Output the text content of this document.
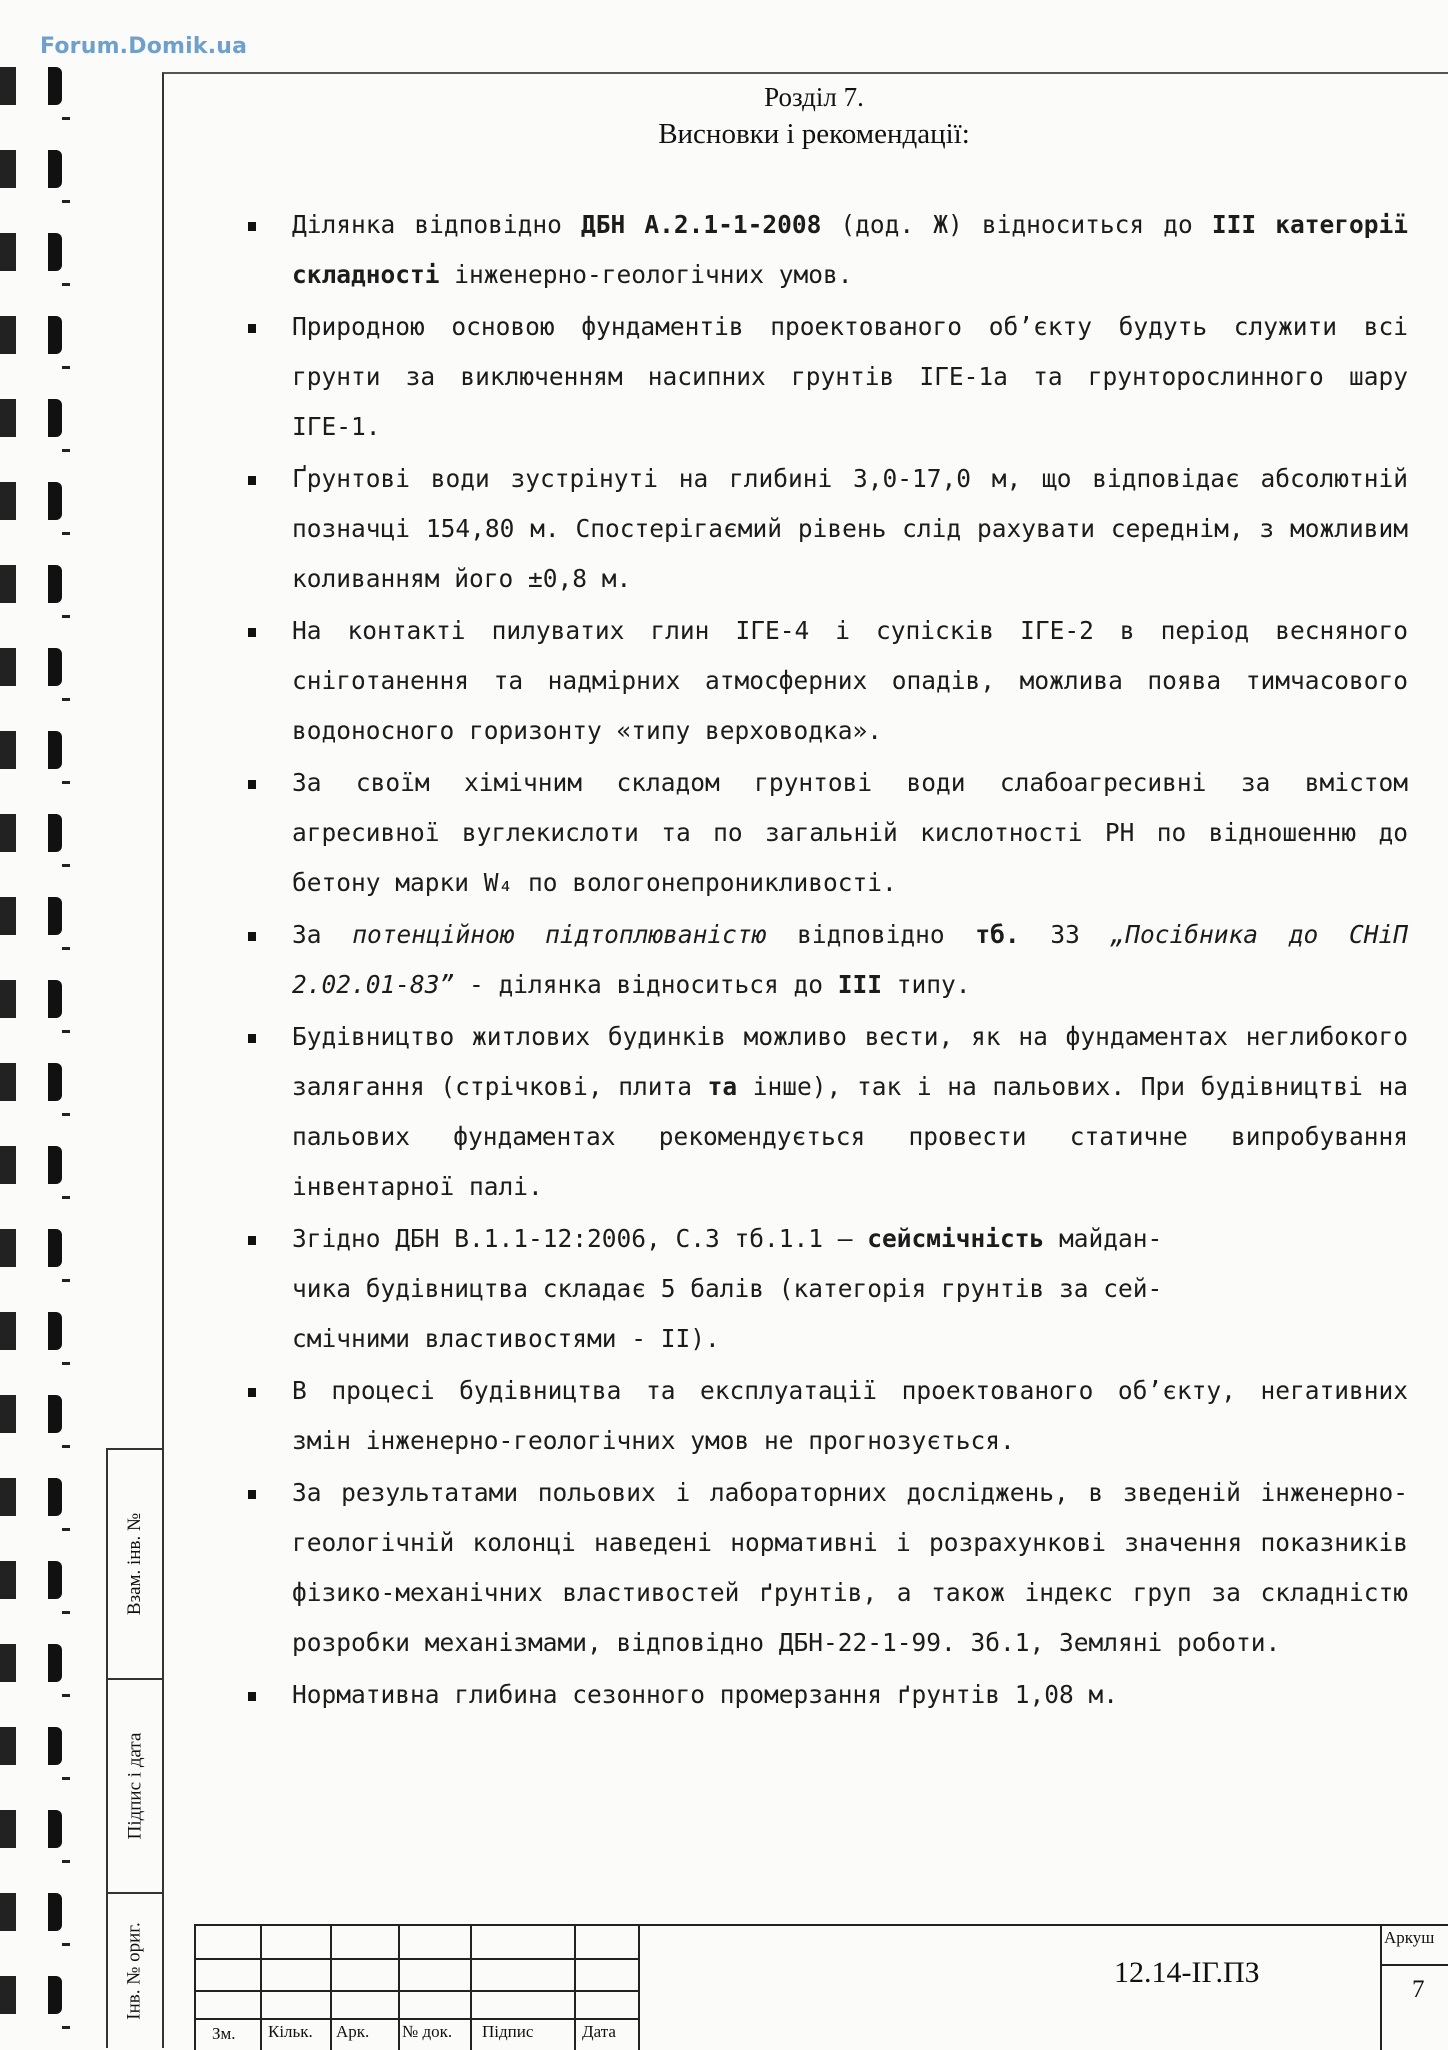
Forum.Domik.ua
Розділ 7.
Висновки і рекомендації:

Ділянка відповідно ДБН А.2.1-1-2008 (дод. Ж) відноситься до III категорії складності інженерно-геологічних умов.

Природною основою фундаментів проектованого об’єкту будуть служити всі грунти за виключенням насипних грунтів ІГЕ-1а та грунторослинного шару ІГЕ-1.

Ґрунтові води зустрінуті на глибині 3,0-17,0 м, що відповідає абсолютній позначці 154,80 м. Спостерігаємий рівень слід рахувати середнім, з можливим коливанням його ±0,8 м.

На контакті пилуватих глин ІГЕ-4 і супісків ІГЕ-2 в період весняного сніготанення та надмірних атмосферних опадів, можлива поява тимчасового водоносного горизонту «типу верховодка».

За своїм хімічним складом грунтові води слабоагресивні за вмістом агресивної вуглекислоти та по загальній кислотності РН по відношенню до бетону марки W₄ по вологонепроникливості.

За потенційною підтоплюваністю відповідно тб. 33 „Посібника до СНіП 2.02.01-83” - ділянка відноситься до III типу.

Будівництво житлових будинків можливо вести, як на фундаментах неглибокого залягання (стрічкові, плита та інше), так і на пальових. При будівництві на пальових фундаментах рекомендується провести статичне випробування інвентарної палі.

Згідно ДБН В.1.1-12:2006, С.3 тб.1.1 – сейсмічність майдан-
чика будівництва складає 5 балів (категорія грунтів за сей-
смічними властивостями - II).

В процесі будівництва та експлуатації проектованого об’єкту, негативних змін інженерно-геологічних умов не прогнозується.

За результатами польових і лабораторних досліджень, в зведеній інженерно-геологічній колонці наведені нормативні і розрахункові значення показників фізико-механічних властивостей ґрунтів, а також індекс груп за складністю розробки механізмами, відповідно ДБН-22-1-99. Зб.1, Земляні роботи.

Нормативна глибина сезонного промерзання ґрунтів 1,08 м.

Взам. інв. №
Підпис і дата
Інв. № ориг.
Зм. Кільк. Арк. № док. Підпис	Дата
12.14-ІГ.ПЗ
Аркуш
7
